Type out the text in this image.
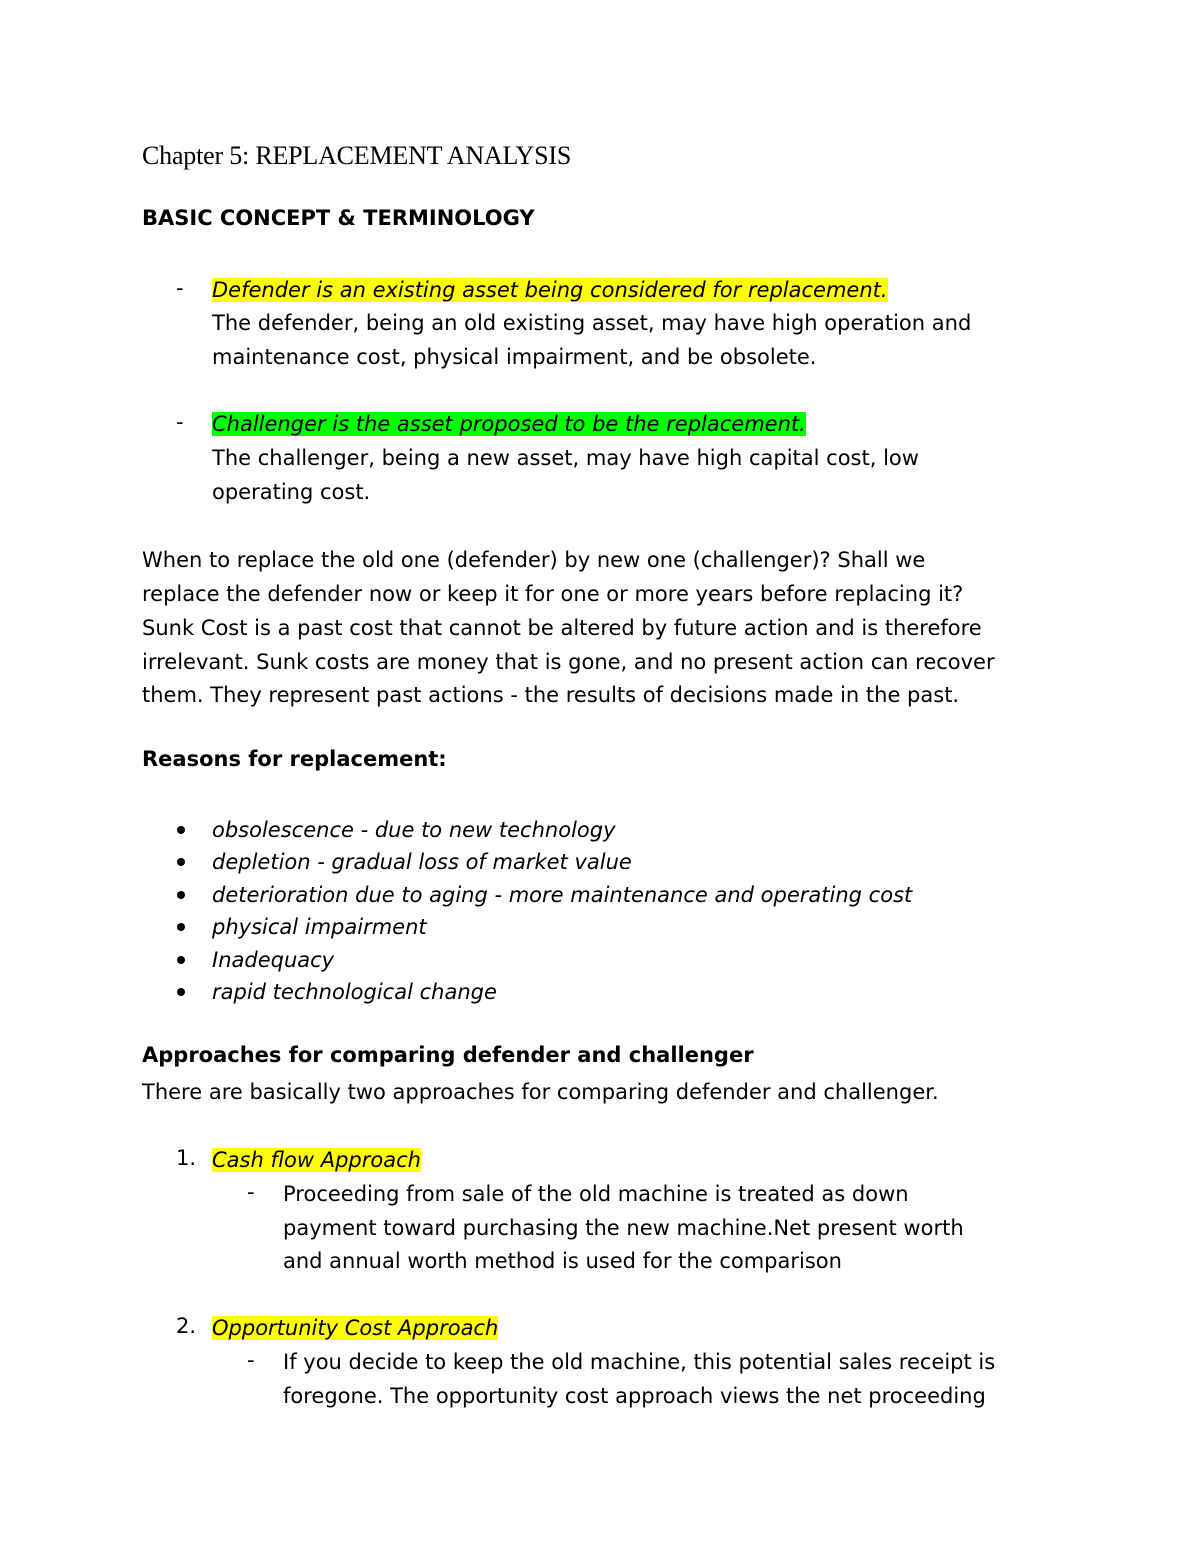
Chapter 5: REPLACEMENT ANALYSIS
BASIC CONCEPT & TERMINOLOGY
- Defender is an existing asset being considered for replacement.
The defender, being an old existing asset, may have high operation and
maintenance cost, physical impairment, and be obsolete.
- Challenger is the asset proposed to be the replacement.
The challenger, being a new asset, may have high capital cost, low
operating cost.
When to replace the old one (defender) by new one (challenger)? Shall we
replace the defender now or keep it for one or more years before replacing it?
Sunk Cost is a past cost that cannot be altered by future action and is therefore
irrelevant. Sunk costs are money that is gone, and no present action can recover
them. They represent past actions - the results of decisions made in the past.
Reasons for replacement:
obsolescence - due to new technology
depletion - gradual loss of market value
deterioration due to aging - more maintenance and operating cost
physical impairment
Inadequacy
rapid technological change
Approaches for comparing defender and challenger
There are basically two approaches for comparing defender and challenger.
1. Cash flow Approach
- Proceeding from sale of the old machine is treated as down
payment toward purchasing the new machine.Net present worth
and annual worth method is used for the comparison
2. Opportunity Cost Approach
- If you decide to keep the old machine, this potential sales receipt is
foregone. The opportunity cost approach views the net proceeding
